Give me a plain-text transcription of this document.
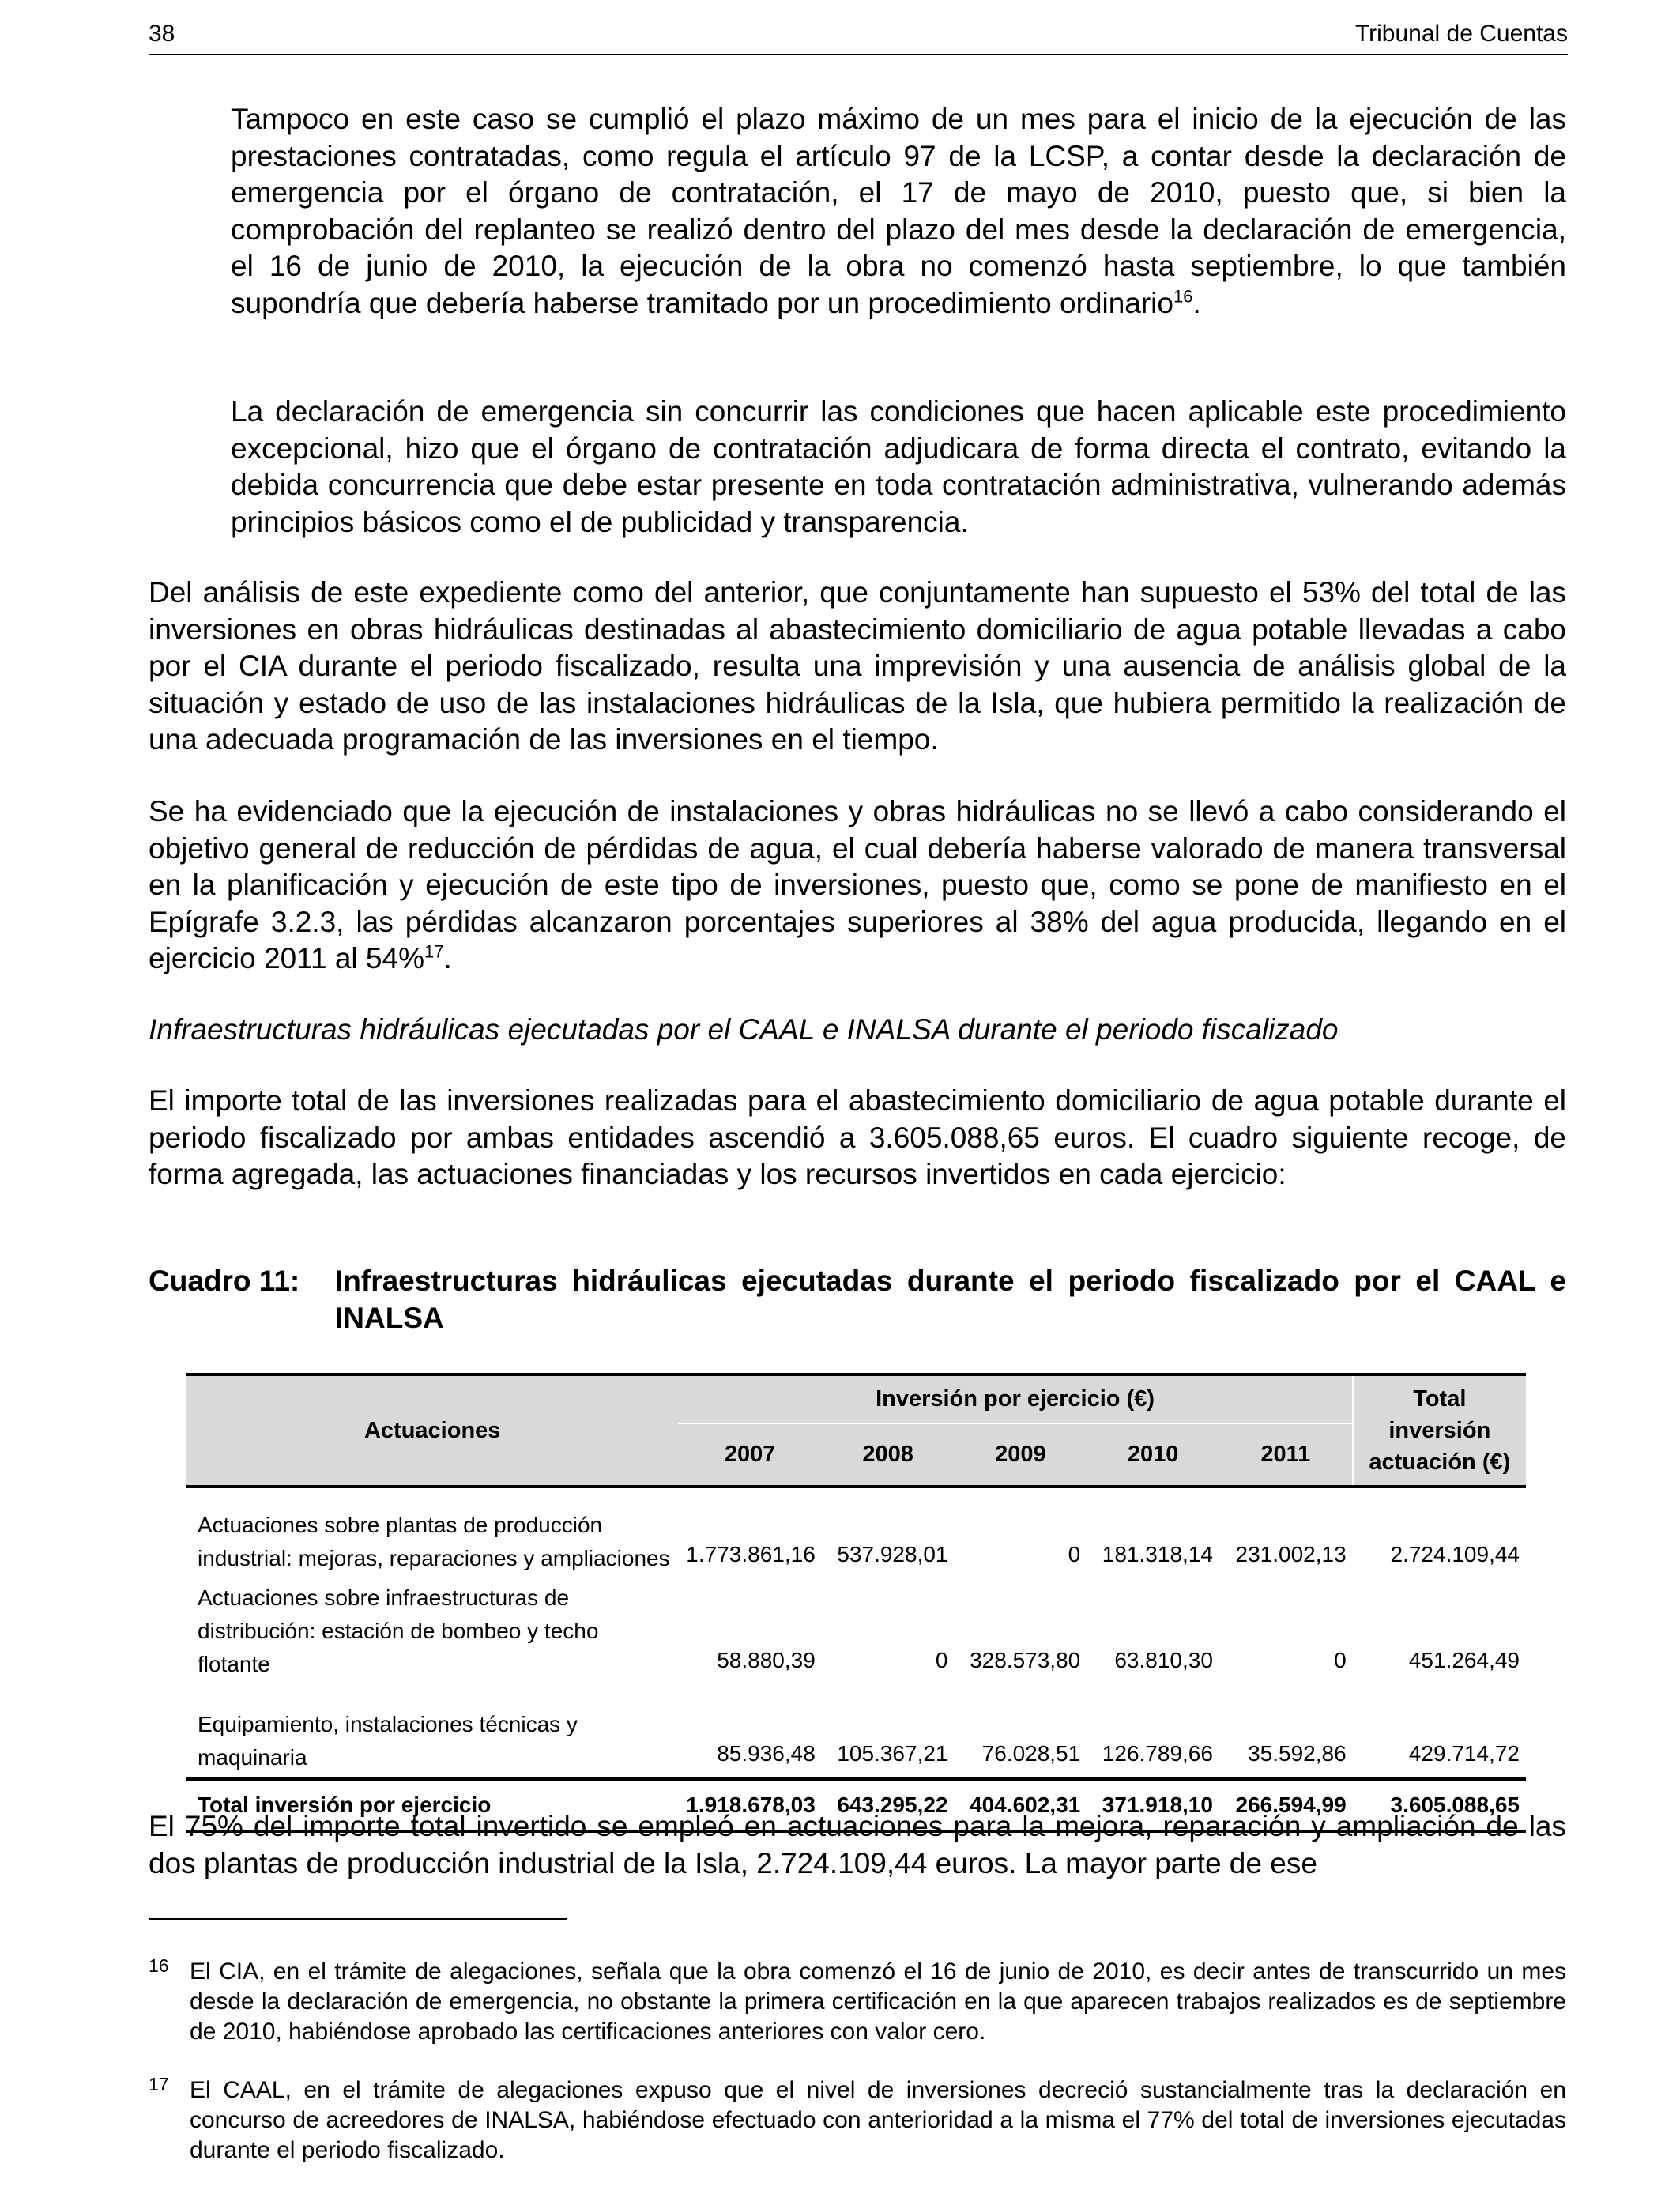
38	Tribunal de Cuentas

Tampoco en este caso se cumplió el plazo máximo de un mes para el inicio de la ejecución de las prestaciones contratadas, como regula el artículo 97 de la LCSP, a contar desde la declaración de emergencia por el órgano de contratación, el 17 de mayo de 2010, puesto que, si bien la comprobación del replanteo se realizó dentro del plazo del mes desde la declaración de emergencia, el 16 de junio de 2010, la ejecución de la obra no comenzó hasta septiembre, lo que también supondría que debería haberse tramitado por un procedimiento ordinario$^{16}$.

La declaración de emergencia sin concurrir las condiciones que hacen aplicable este procedimiento excepcional, hizo que el órgano de contratación adjudicara de forma directa el contrato, evitando la debida concurrencia que debe estar presente en toda contratación administrativa, vulnerando además principios básicos como el de publicidad y transparencia.

Del análisis de este expediente como del anterior, que conjuntamente han supuesto el 53% del total de las inversiones en obras hidráulicas destinadas al abastecimiento domiciliario de agua potable llevadas a cabo por el CIA durante el periodo fiscalizado, resulta una imprevisión y una ausencia de análisis global de la situación y estado de uso de las instalaciones hidráulicas de la Isla, que hubiera permitido la realización de una adecuada programación de las inversiones en el tiempo.

Se ha evidenciado que la ejecución de instalaciones y obras hidráulicas no se llevó a cabo considerando el objetivo general de reducción de pérdidas de agua, el cual debería haberse valorado de manera transversal en la planificación y ejecución de este tipo de inversiones, puesto que, como se pone de manifiesto en el Epígrafe 3.2.3, las pérdidas alcanzaron porcentajes superiores al 38% del agua producida, llegando en el ejercicio 2011 al 54%$^{17}$.

Infraestructuras hidráulicas ejecutadas por el CAAL e INALSA durante el periodo fiscalizado

El importe total de las inversiones realizadas para el abastecimiento domiciliario de agua potable durante el periodo fiscalizado por ambas entidades ascendió a 3.605.088,65 euros. El cuadro siguiente recoge, de forma agregada, las actuaciones financiadas y los recursos invertidos en cada ejercicio:

Cuadro 11:	Infraestructuras hidráulicas ejecutadas durante el periodo fiscalizado por el CAAL e INALSA
Actuaciones	Inversión por ejercicio (€)					Total inversión actuación (€)
	2007	2008	2009	2010	2011	
Actuaciones sobre plantas de producción industrial: mejoras, reparaciones y ampliaciones	1.773.861,16	537.928,01	0	181.318,14	231.002,13	2.724.109,44
Actuaciones sobre infraestructuras de distribución: estación de bombeo y techo flotante	58.880,39	0	328.573,80	63.810,30	0	451.264,49
Equipamiento, instalaciones técnicas y maquinaria	85.936,48	105.367,21	76.028,51	126.789,66	35.592,86	429.714,72
Total inversión por ejercicio	1.918.678,03	643.295,22	404.602,31	371.918,10	266.594,99	3.605.088,65

El 75% del importe total invertido se empleó en actuaciones para la mejora, reparación y ampliación de las dos plantas de producción industrial de la Isla, 2.724.109,44 euros. La mayor parte de ese

16 El CIA, en el trámite de alegaciones, señala que la obra comenzó el 16 de junio de 2010, es decir antes de transcurrido un mes desde la declaración de emergencia, no obstante la primera certificación en la que aparecen trabajos realizados es de septiembre de 2010, habiéndose aprobado las certificaciones anteriores con valor cero.
17 El CAAL, en el trámite de alegaciones expuso que el nivel de inversiones decreció sustancialmente tras la declaración en concurso de acreedores de INALSA, habiéndose efectuado con anterioridad a la misma el 77% del total de inversiones ejecutadas durante el periodo fiscalizado.
